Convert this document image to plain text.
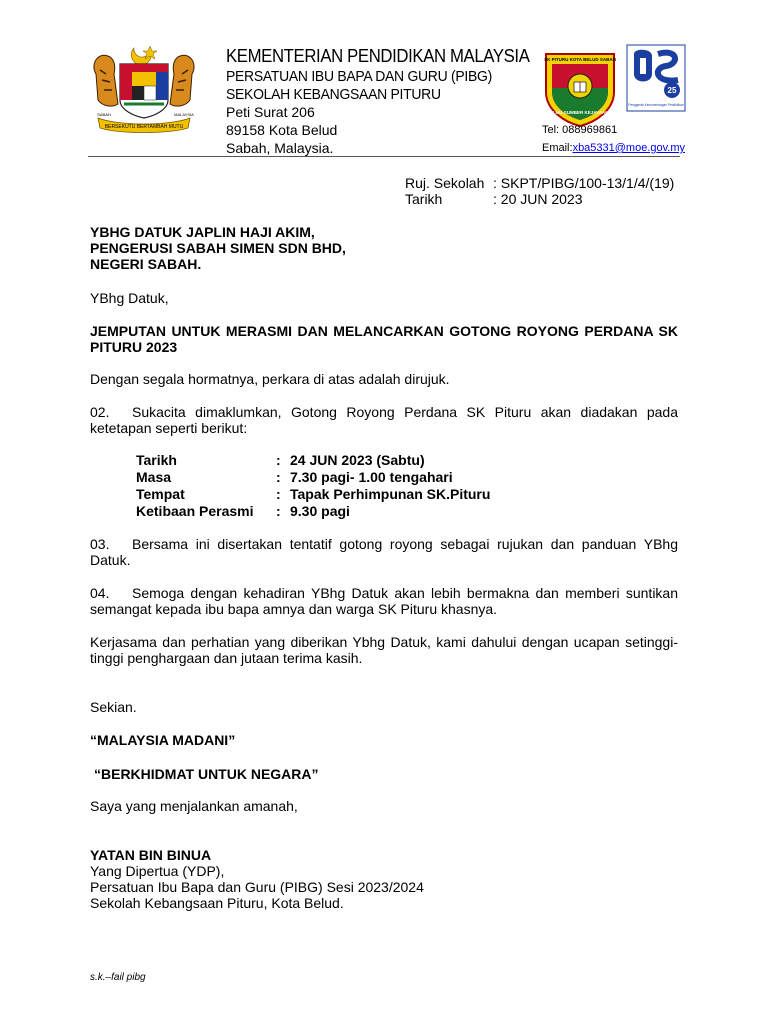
BERSEKUTU BERTAMBAH MUTU
SABAH	MALAYSIA
KEMENTERIAN PENDIDIKAN MALAYSIA
PERSATUAN IBU BAPA DAN GURU (PIBG)
SEKOLAH KEBANGSAAN PITURU
Peti Surat 206
89158 Kota Belud
Sabah, Malaysia.
SK PITURU KOTA BELUD SABAH
ILMU SUMBER KEJAYAAN
25
Penggerak Kecemerlangan Pendidikan
Tel: 088969861
Email:xba5331@moe.gov.my
Ruj. Sekolah : SKPT/PIBG/100-13/1/4/(19)
Tarikh	: 20 JUN 2023
YBHG DATUK JAPLIN HAJI AKIM,
PENGERUSI SABAH SIMEN SDN BHD,
NEGERI SABAH.
YBhg Datuk,
JEMPUTAN UNTUK MERASMI DAN MELANCARKAN GOTONG ROYONG PERDANA SK PITURU 2023
Dengan segala hormatnya, perkara di atas adalah dirujuk.
02. Sukacita dimaklumkan, Gotong Royong Perdana SK Pituru akan diadakan pada ketetapan seperti berikut:
Tarikh	: 24 JUN 2023 (Sabtu)
Masa	: 7.30 pagi- 1.00 tengahari
Tempat	: Tapak Perhimpunan SK.Pituru
Ketibaan Perasmi	: 9.30 pagi
03. Bersama ini disertakan tentatif gotong royong sebagai rujukan dan panduan YBhg Datuk.
04. Semoga dengan kehadiran YBhg Datuk akan lebih bermakna dan memberi suntikan semangat kepada ibu bapa amnya dan warga SK Pituru khasnya.
Kerjasama dan perhatian yang diberikan Ybhg Datuk, kami dahului dengan ucapan setinggi-tinggi penghargaan dan jutaan terima kasih.
Sekian.
“MALAYSIA MADANI”
“BERKHIDMAT UNTUK NEGARA”
Saya yang menjalankan amanah,
YATAN BIN BINUA
Yang Dipertua (YDP),
Persatuan Ibu Bapa dan Guru (PIBG) Sesi 2023/2024
Sekolah Kebangsaan Pituru, Kota Belud.
s.k.–fail pibg
